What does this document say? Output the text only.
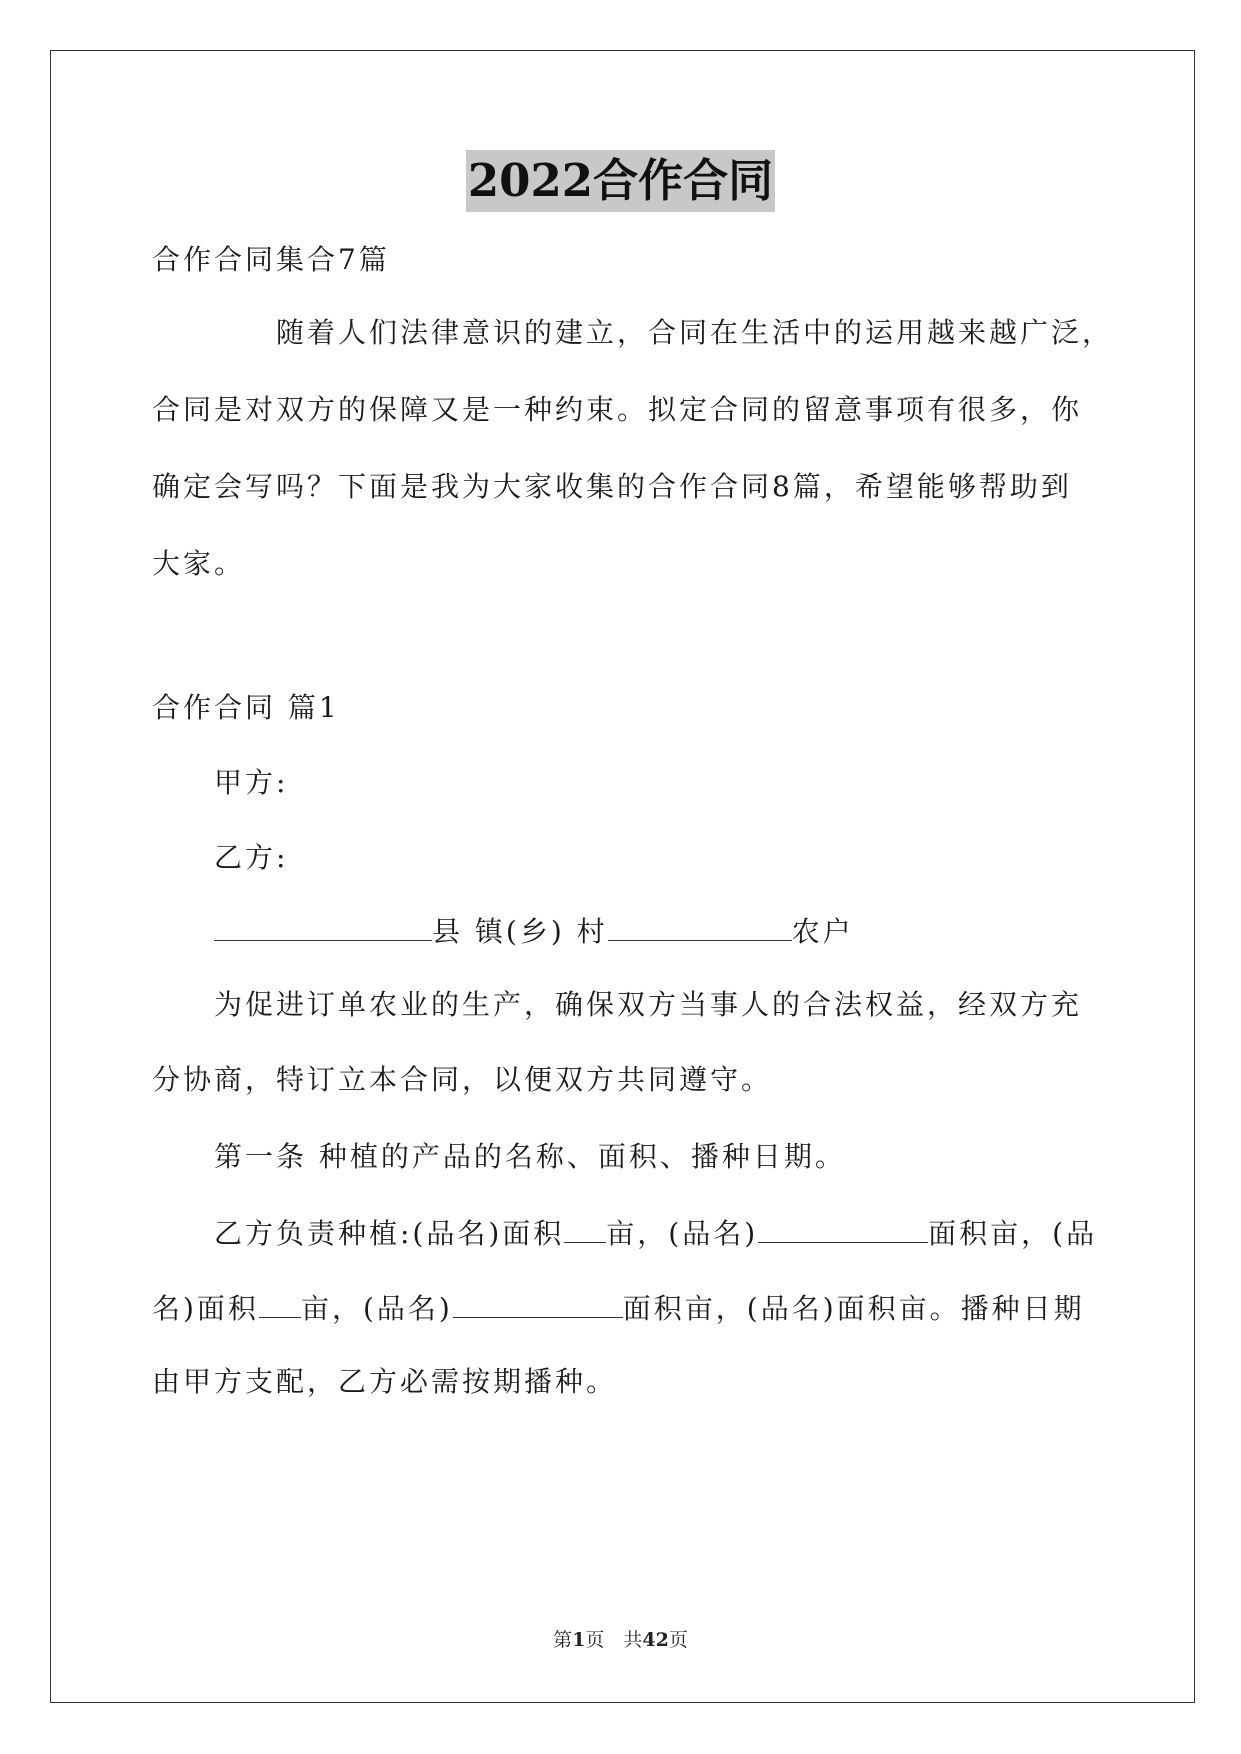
2022合作合同
合作合同集合7篇
随着人们法律意识的建立，合同在生活中的运用越来越广泛，
合同是对双方的保障又是一种约束。拟定合同的留意事项有很多，你
确定会写吗？下面是我为大家收集的合作合同8篇，希望能够帮助到
大家。
合作合同 篇1
甲方:
乙方:
县 镇(乡) 村	农户
为促进订单农业的生产，确保双方当事人的合法权益，经双方充
分协商，特订立本合同，以便双方共同遵守。
第一条 种植的产品的名称、面积、播种日期。
乙方负责种植:(品名)面积 亩，(品名)	面积亩，(品
名)面积 亩，(品名)	面积亩，(品名)面积亩。播种日期
由甲方支配，乙方必需按期播种。
第1页　共42页
